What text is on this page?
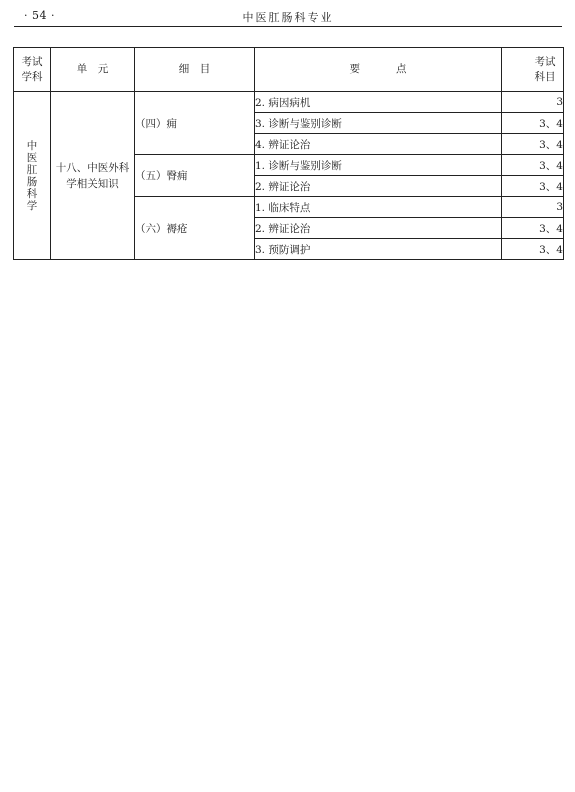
· 54 ·	中医肛肠科专业
考试学科	单　元	细　目	要点	考试科目
中医肛肠科学	十八、中医外科学相关知识	（四）痈	2. 病因病机	3
			3. 诊断与鉴别诊断	3、4
			4. 辨证论治	3、4
		（五）臀痈	1. 诊断与鉴别诊断	3、4
			2. 辨证论治	3、4
		（六）褥疮	1. 临床特点	3
			2. 辨证论治	3、4
			3. 预防调护	3、4
